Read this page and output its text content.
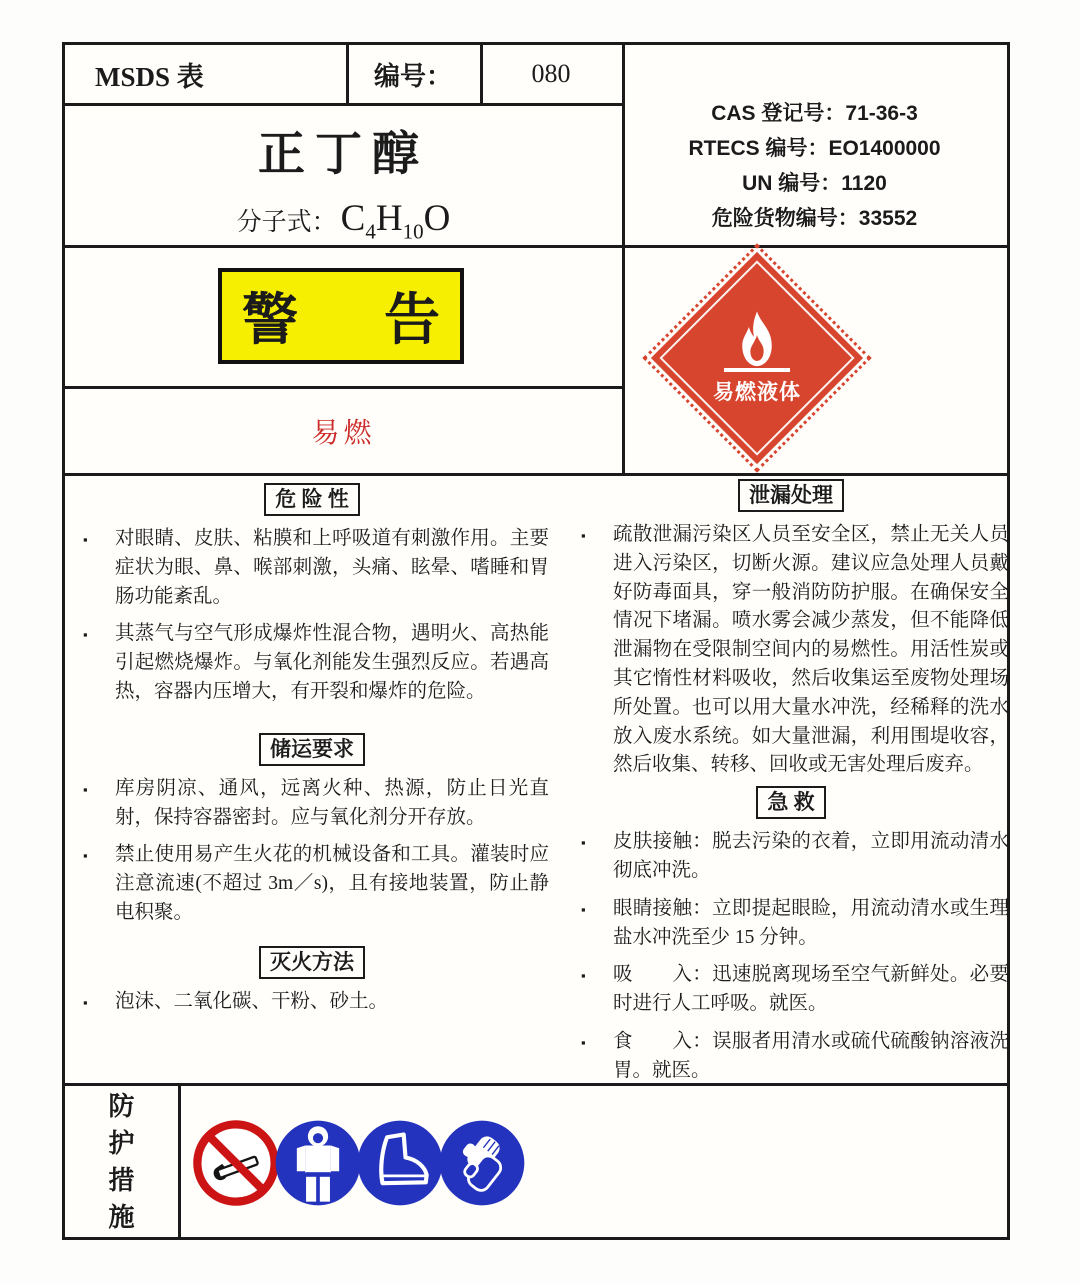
MSDS 表	编号：	080
正丁醇
分子式： $C_4H_{10}O$
CAS 登记号：71-36-3
RTECS 编号：EO1400000
UN 编号：1120
危险货物编号：33552
警 告
易燃
易燃液体
危 险 性
▪	对眼睛、皮肤、粘膜和上呼吸道有刺激作用。主要症状为眼、鼻、喉部刺激，头痛、眩晕、嗜睡和胃肠功能紊乱。
▪	其蒸气与空气形成爆炸性混合物，遇明火、高热能引起燃烧爆炸。与氧化剂能发生强烈反应。若遇高热，容器内压增大，有开裂和爆炸的危险。
储运要求
▪	库房阴凉、通风，远离火种、热源，防止日光直射，保持容器密封。应与氧化剂分开存放。
▪	禁止使用易产生火花的机械设备和工具。灌装时应注意流速(不超过 3m／s)，且有接地装置，防止静电积聚。
灭火方法
▪	泡沫、二氧化碳、干粉、砂土。
泄漏处理
▪	疏散泄漏污染区人员至安全区，禁止无关人员进入污染区，切断火源。建议应急处理人员戴好防毒面具，穿一般消防防护服。在确保安全情况下堵漏。喷水雾会减少蒸发，但不能降低泄漏物在受限制空间内的易燃性。用活性炭或其它惰性材料吸收，然后收集运至废物处理场所处置。也可以用大量水冲洗，经稀释的洗水放入废水系统。如大量泄漏，利用围堤收容，然后收集、转移、回收或无害处理后废弃。
急 救
▪	皮肤接触：脱去污染的衣着，立即用流动清水彻底冲洗。
▪	眼睛接触：立即提起眼睑，用流动清水或生理盐水冲洗至少 15 分钟。
▪	吸　　入：迅速脱离现场至空气新鲜处。必要时进行人工呼吸。就医。
▪	食　　入：误服者用清水或硫代硫酸钠溶液洗胃。就医。
防
护
措
施
